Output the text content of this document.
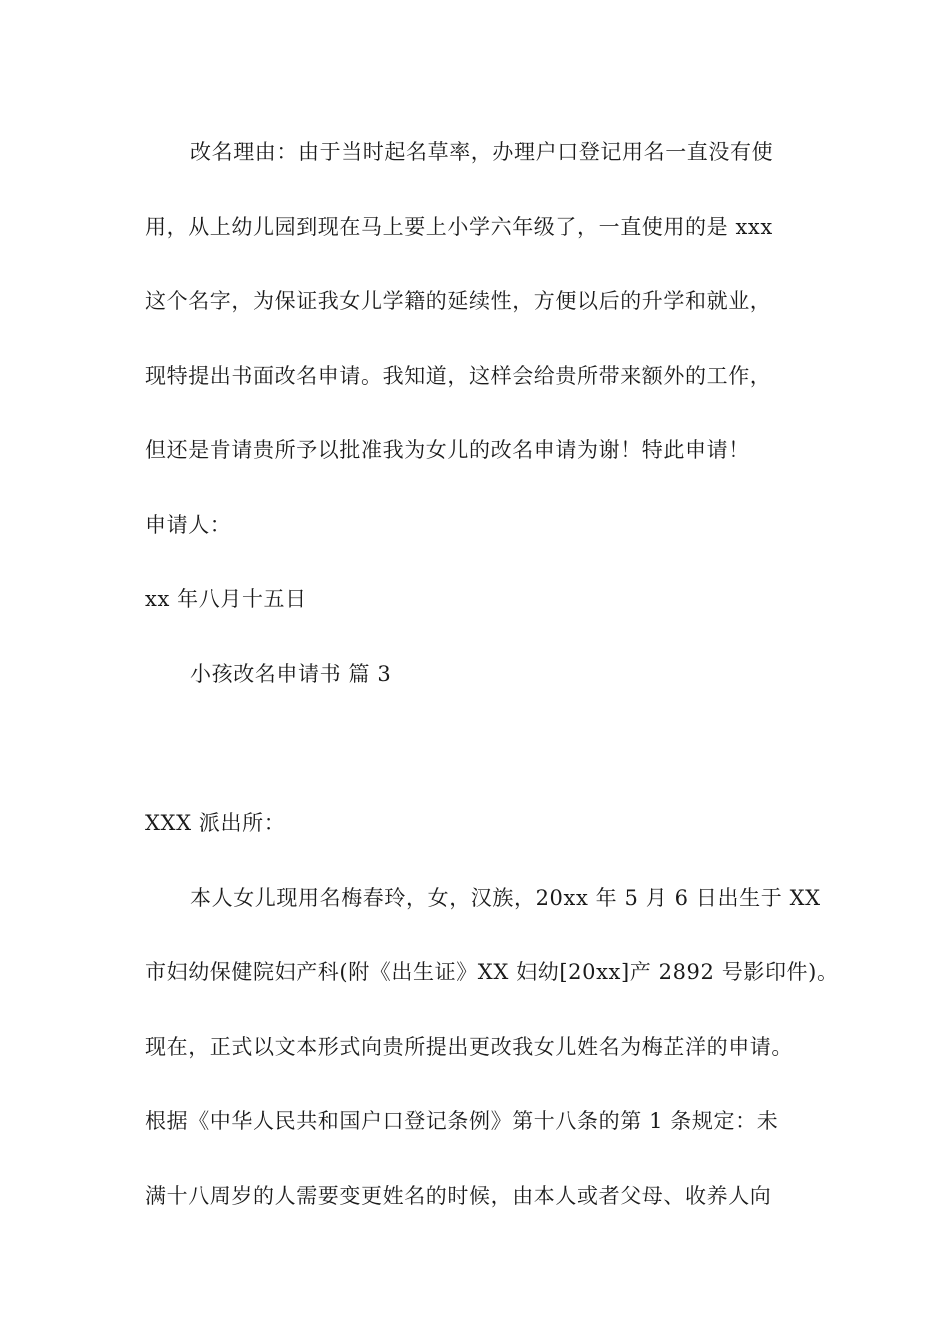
改名理由：由于当时起名草率，办理户口登记用名一直没有使
用，从上幼儿园到现在马上要上小学六年级了，一直使用的是 xxx
这个名字，为保证我女儿学籍的延续性，方便以后的升学和就业，
现特提出书面改名申请。我知道，这样会给贵所带来额外的工作，
但还是肯请贵所予以批准我为女儿的改名申请为谢！特此申请！
申请人：
xx 年八月十五日
小孩改名申请书 篇 3
XXX 派出所：
本人女儿现用名梅春玲，女，汉族，20xx 年 5 月 6 日出生于 XX
市妇幼保健院妇产科(附《出生证》XX 妇幼[20xx]产 2892 号影印件)。
现在，正式以文本形式向贵所提出更改我女儿姓名为梅芷洋的申请。
根据《中华人民共和国户口登记条例》第十八条的第 1 条规定：未
满十八周岁的人需要变更姓名的时候，由本人或者父母、收养人向
